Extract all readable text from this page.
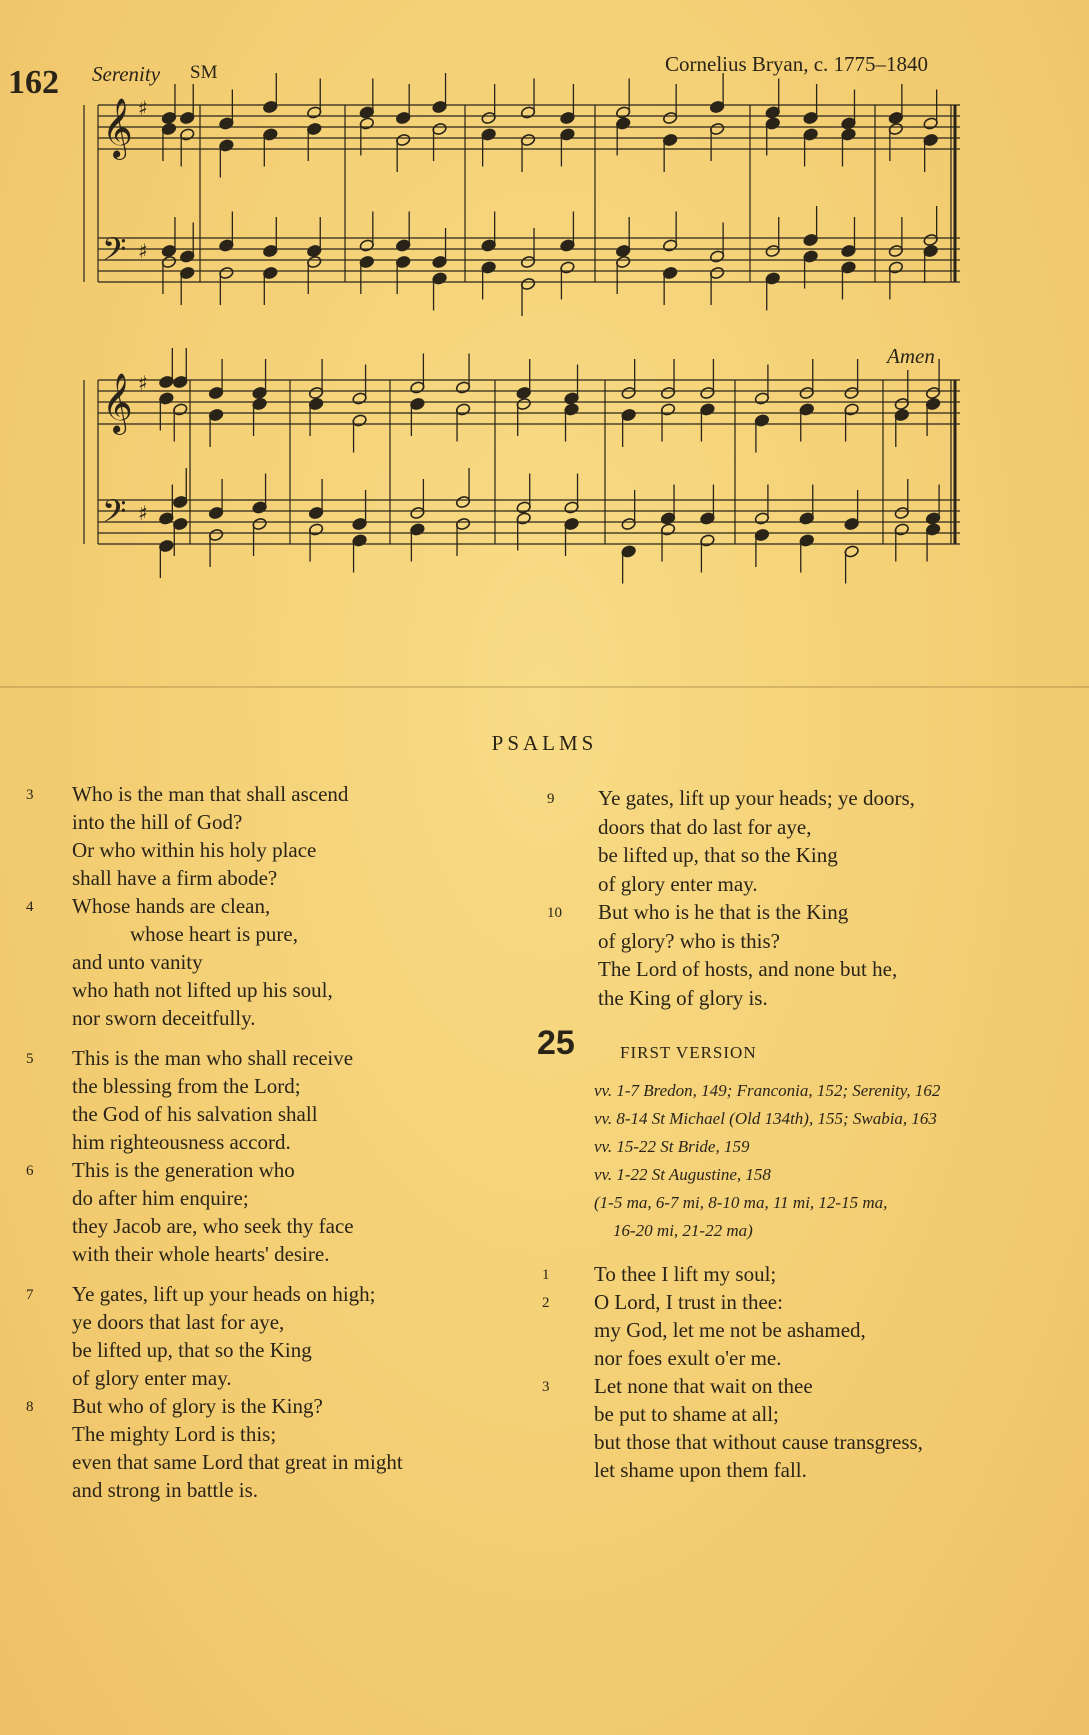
162 Serenity SM	Cornelius Bryan, c. 1775–1840
Amen
𝄞 ♯
𝄢 ♯
𝄞 ♯
𝄢 ♯
PSALMS
3 Who is the man that shall ascend
into the hill of God?
Or who within his holy place
shall have a firm abode?
4 Whose hands are clean,
whose heart is pure,
and unto vanity
who hath not lifted up his soul,
nor sworn deceitfully.
5 This is the man who shall receive
the blessing from the Lord;
the God of his salvation shall
him righteousness accord.
6 This is the generation who
do after him enquire;
they Jacob are, who seek thy face
with their whole hearts' desire.
7 Ye gates, lift up your heads on high;
ye doors that last for aye,
be lifted up, that so the King
of glory enter may.
8 But who of glory is the King?
The mighty Lord is this;
even that same Lord that great in might
and strong in battle is.
9 Ye gates, lift up your heads; ye doors,
doors that do last for aye,
be lifted up, that so the King
of glory enter may.
10 But who is he that is the King
of glory? who is this?
The Lord of hosts, and none but he,
the King of glory is.
25	FIRST VERSION
vv. 1-7 Bredon, 149; Franconia, 152; Serenity, 162
vv. 8-14 St Michael (Old 134th), 155; Swabia, 163
vv. 15-22 St Bride, 159
vv. 1-22 St Augustine, 158
(1-5 ma, 6-7 mi, 8-10 ma, 11 mi, 12-15 ma,
16-20 mi, 21-22 ma)
1 To thee I lift my soul;
2 O Lord, I trust in thee:
my God, let me not be ashamed,
nor foes exult o'er me.
3 Let none that wait on thee
be put to shame at all;
but those that without cause transgress,
let shame upon them fall.
